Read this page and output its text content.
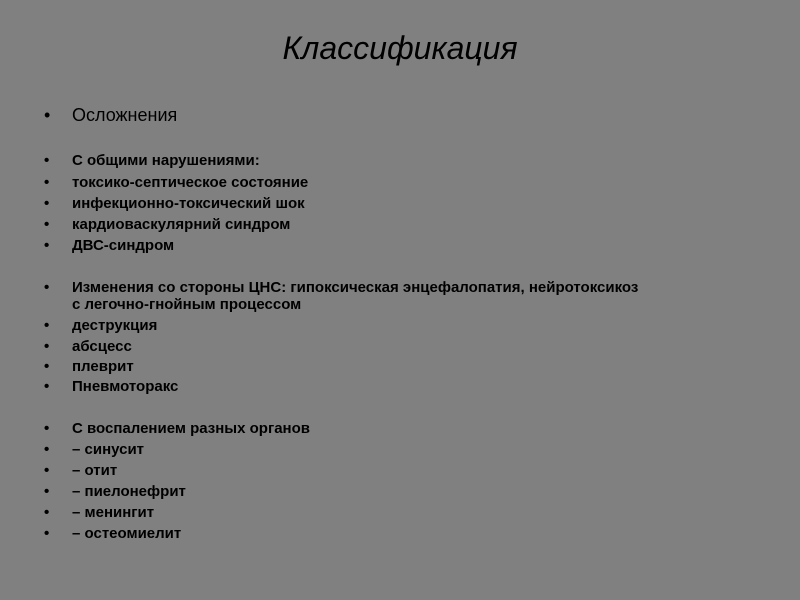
Классификация
• Осложнения
•	С общими нарушениями:
•	токсико-септическое состояние
•	инфекционно-токсический шок
•	кардиоваскулярний синдром
•	ДВС-синдром
•	Изменения со стороны ЦНС: гипоксическая энцефалопатия, нейротоксикоз
с легочно-гнойным процессом
•	деструкция
•	абсцесс
•	плеврит
•	Пневмоторакс
•	С воспалением разных органов
•	– синусит
•	– отит
•	– пиелонефрит
•	– менингит
•	– остеомиелит
